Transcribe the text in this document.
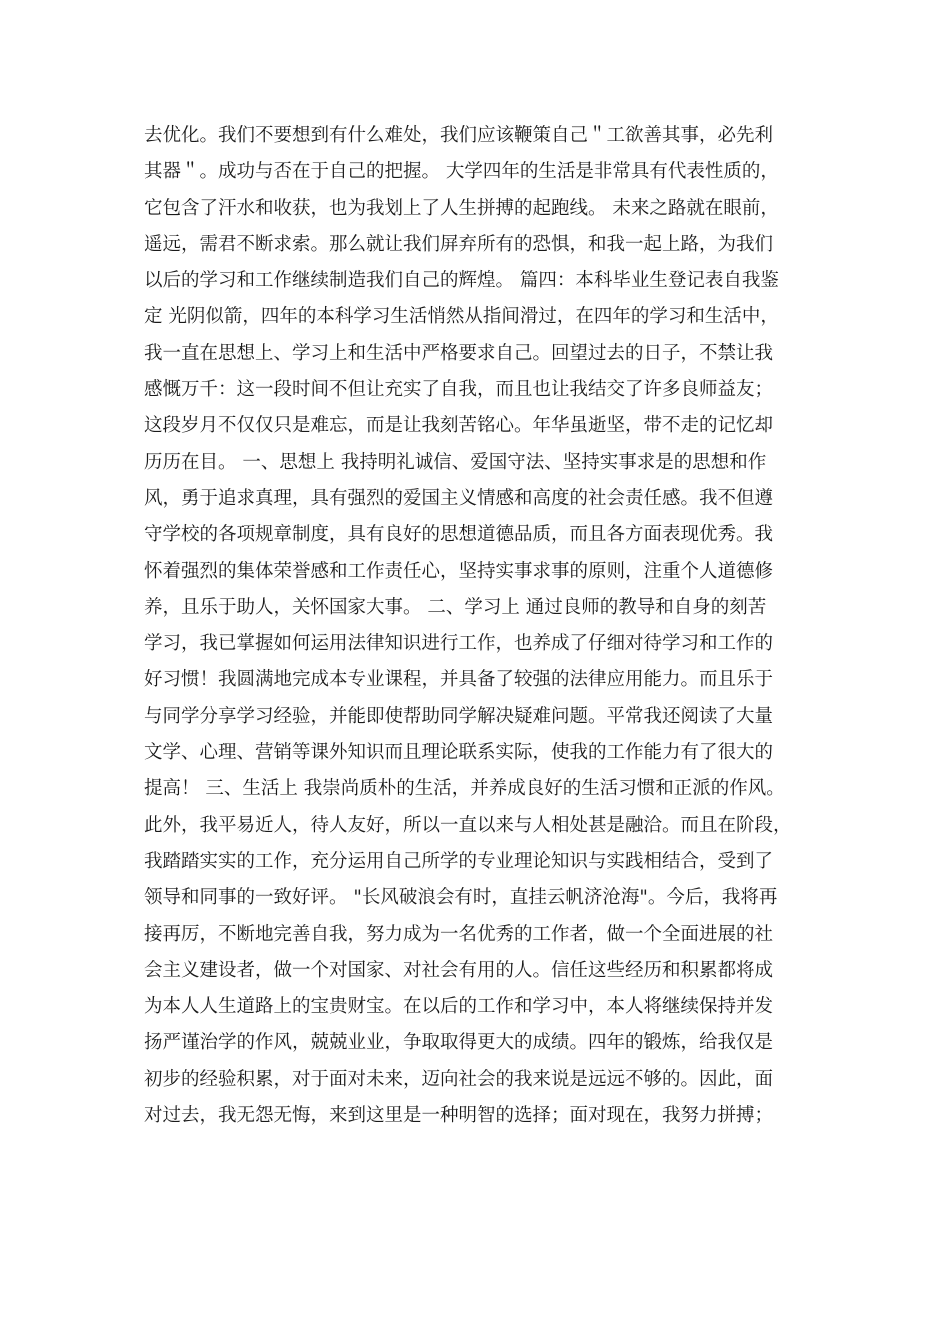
去优化。我们不要想到有什么难处，我们应该鞭策自己＂工欲善其事，必先利
其器＂。成功与否在于自己的把握。 大学四年的生活是非常具有代表性质的，
它包含了汗水和收获，也为我划上了人生拼搏的起跑线。 未来之路就在眼前，
遥远，需君不断求索。那么就让我们屏弃所有的恐惧，和我一起上路，为我们
以后的学习和工作继续制造我们自己的辉煌。 篇四：本科毕业生登记表自我鉴
定 光阴似箭，四年的本科学习生活悄然从指间滑过，在四年的学习和生活中，
我一直在思想上、学习上和生活中严格要求自己。回望过去的日子，不禁让我
感慨万千：这一段时间不但让充实了自我，而且也让我结交了许多良师益友；
这段岁月不仅仅只是难忘，而是让我刻苦铭心。年华虽逝坚，带不走的记忆却
历历在目。 一、思想上 我持明礼诚信、爱国守法、坚持实事求是的思想和作
风，勇于追求真理，具有强烈的爱国主义情感和高度的社会责任感。我不但遵
守学校的各项规章制度，具有良好的思想道德品质，而且各方面表现优秀。我
怀着强烈的集体荣誉感和工作责任心，坚持实事求事的原则，注重个人道德修
养，且乐于助人，关怀国家大事。 二、学习上 通过良师的教导和自身的刻苦
学习，我已掌握如何运用法律知识进行工作，也养成了仔细对待学习和工作的
好习惯！我圆满地完成本专业课程，并具备了较强的法律应用能力。而且乐于
与同学分享学习经验，并能即使帮助同学解决疑难问题。平常我还阅读了大量
文学、心理、营销等课外知识而且理论联系实际，使我的工作能力有了很大的
提高！ 三、生活上 我崇尚质朴的生活，并养成良好的生活习惯和正派的作风。
此外，我平易近人，待人友好，所以一直以来与人相处甚是融洽。而且在阶段，
我踏踏实实的工作，充分运用自己所学的专业理论知识与实践相结合，受到了
领导和同事的一致好评。 "长风破浪会有时，直挂云帆济沧海"。今后，我将再
接再厉，不断地完善自我，努力成为一名优秀的工作者，做一个全面进展的社
会主义建设者，做一个对国家、对社会有用的人。信任这些经历和积累都将成
为本人人生道路上的宝贵财宝。在以后的工作和学习中，本人将继续保持并发
扬严谨治学的作风，兢兢业业，争取取得更大的成绩。四年的锻炼，给我仅是
初步的经验积累，对于面对未来，迈向社会的我来说是远远不够的。因此，面
对过去，我无怨无悔，来到这里是一种明智的选择；面对现在，我努力拼搏；
